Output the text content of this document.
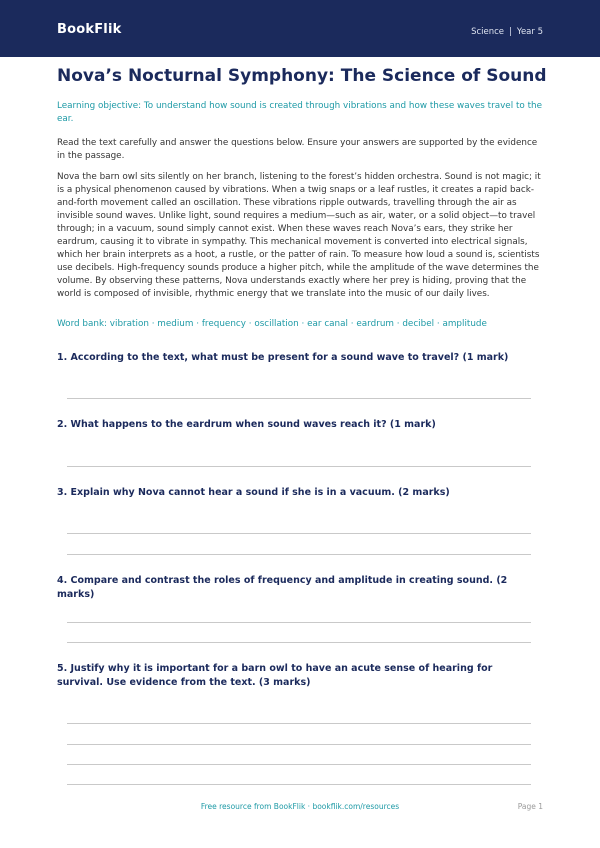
BookFlik	Science | Year 5
Nova’s Nocturnal Symphony: The Science of Sound

Learning objective: To understand how sound is created through vibrations and how these waves travel to the ear.

Read the text carefully and answer the questions below. Ensure your answers are supported by the evidence in the passage.

Nova the barn owl sits silently on her branch, listening to the forest’s hidden orchestra. Sound is not magic; it is a physical phenomenon caused by vibrations. When a twig snaps or a leaf rustles, it creates a rapid back-and-forth movement called an oscillation. These vibrations ripple outwards, travelling through the air as invisible sound waves. Unlike light, sound requires a medium—such as air, water, or a solid object—to travel through; in a vacuum, sound simply cannot exist. When these waves reach Nova’s ears, they strike her eardrum, causing it to vibrate in sympathy. This mechanical movement is converted into electrical signals, which her brain interprets as a hoot, a rustle, or the patter of rain. To measure how loud a sound is, scientists use decibels. High-frequency sounds produce a higher pitch, while the amplitude of the wave determines the volume. By observing these patterns, Nova understands exactly where her prey is hiding, proving that the world is composed of invisible, rhythmic energy that we translate into the music of our daily lives.

Word bank: vibration · medium · frequency · oscillation · ear canal · eardrum · decibel · amplitude

1. According to the text, what must be present for a sound wave to travel? (1 mark)

2. What happens to the eardrum when sound waves reach it? (1 mark)

3. Explain why Nova cannot hear a sound if she is in a vacuum. (2 marks)

4. Compare and contrast the roles of frequency and amplitude in creating sound. (2 marks)

5. Justify why it is important for a barn owl to have an acute sense of hearing for survival. Use evidence from the text. (3 marks)

Free resource from BookFlik · bookflik.com/resources	Page 1
